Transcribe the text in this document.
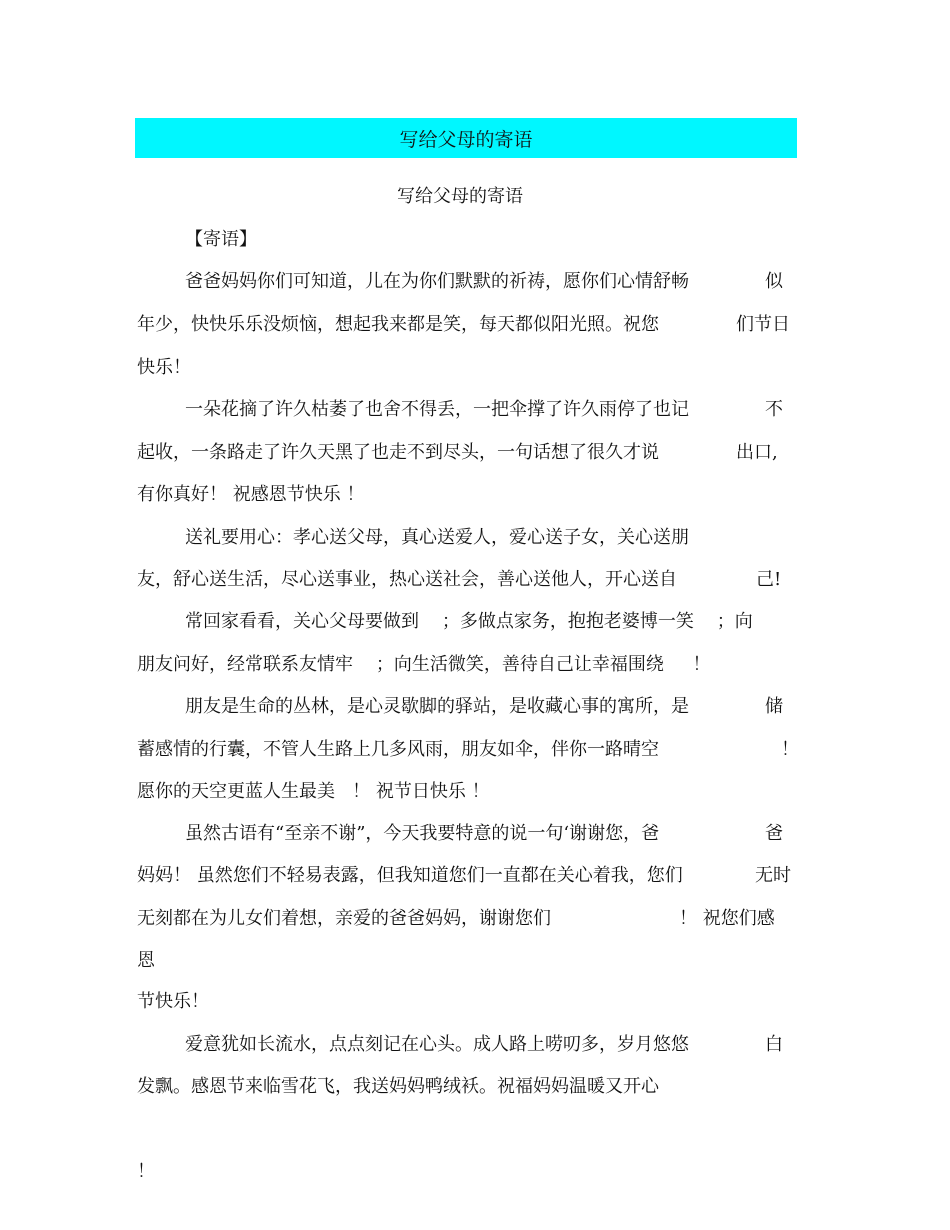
写给父母的寄语
写给父母的寄语
【寄语】
爸爸妈妈你们可知道，儿在为你们默默的祈祷，愿你们心情舒畅	似
年少，快快乐乐没烦恼，想起我来都是笑，每天都似阳光照。祝您	们节日
快乐！
一朵花摘了许久枯萎了也舍不得丢，一把伞撑了许久雨停了也记	不
起收，一条路走了许久天黑了也走不到尽头，一句话想了很久才说	出口,
有你真好！ 祝感恩节快乐 ！
送礼要用心：孝心送父母，真心送爱人，爱心送子女，关心送朋
友，舒心送生活，尽心送事业，热心送社会，善心送他人，开心送自	己!
常回家看看，关心父母要做到    ；多做点家务，抱抱老婆博一笑    ；向
朋友问好，经常联系友情牢    ；向生活微笑，善待自己让幸福围绕     ！
朋友是生命的丛林，是心灵歇脚的驿站，是收藏心事的寓所，是	储
蓄感情的行囊，不管人生路上几多风雨，朋友如伞，伴你一路晴空	！
愿你的天空更蓝人生最美   ！ 祝节日快乐 ！
虽然古语有“至亲不谢”，今天我要特意的说一句‘谢谢您，爸	爸
妈妈！ 虽然您们不轻易表露，但我知道您们一直都在关心着我，您们	无时
无刻都在为儿女们着想，亲爱的爸爸妈妈，谢谢您们	！ 祝您们感
恩
节快乐！
爱意犹如长流水，点点刻记在心头。成人路上唠叨多，岁月悠悠	白
发飘。感恩节来临雪花飞，我送妈妈鸭绒袄。祝福妈妈温暖又开心
！
